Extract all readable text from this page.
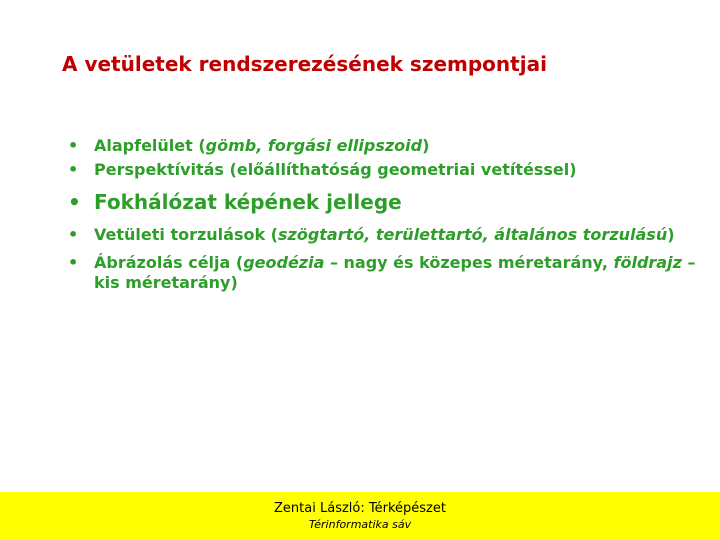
A vetületek rendszerezésének szempontjai
• Alapfelület (gömb, forgási ellipszoid)
• Perspektívitás (előállíthatóság geometriai vetítéssel)
• Fokhálózat képének jellege
• Vetületi torzulások (szögtartó, területtartó, általános torzulású)
• Ábrázolás célja (geodézia – nagy és közepes méretarány, földrajz – kis méretarány)
Zentai László: Térképészet
Térinformatika sáv
